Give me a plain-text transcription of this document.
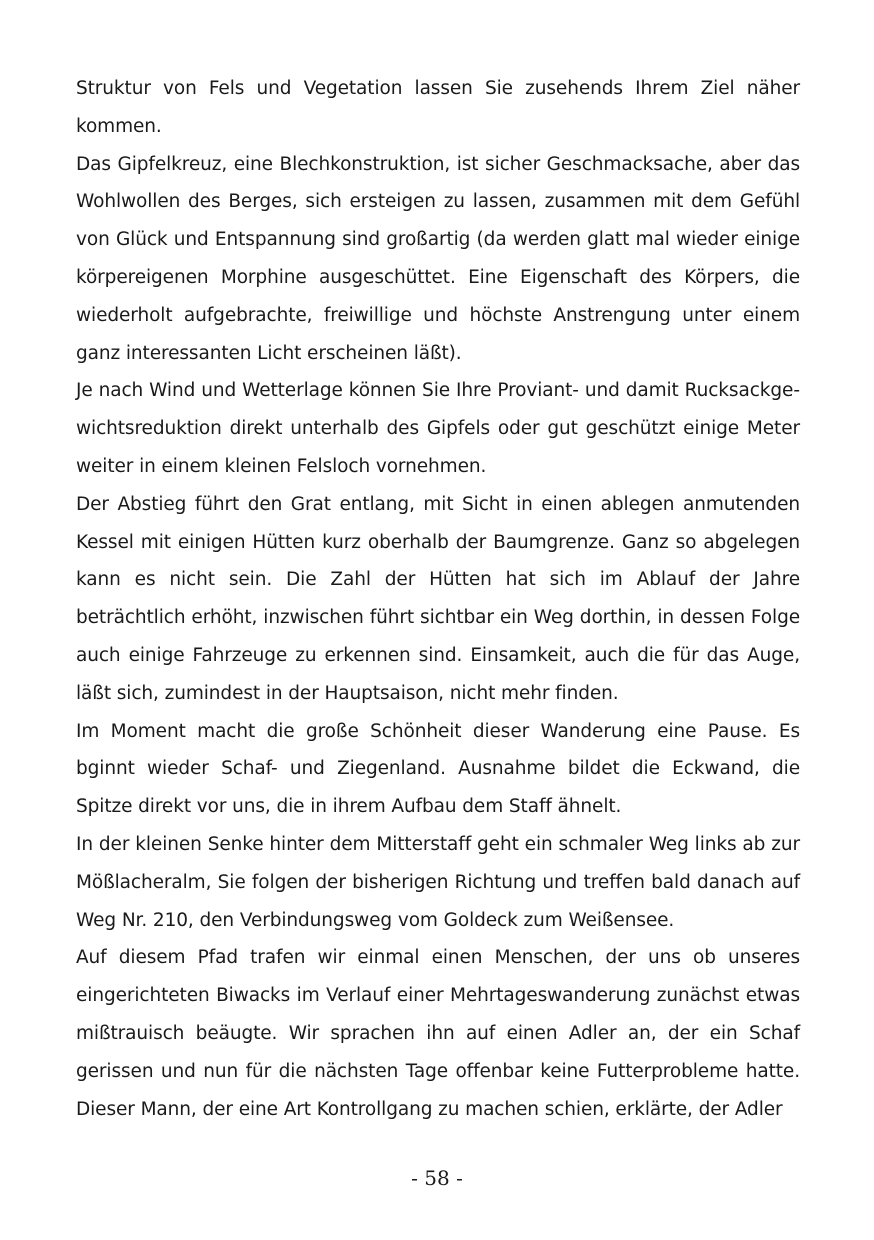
Struktur von Fels und Vegetation lassen Sie zusehends Ihrem Ziel näher kommen.

Das Gipfelkreuz, eine Blechkonstruktion, ist sicher Geschmacksache, aber das Wohlwollen des Berges, sich ersteigen zu lassen, zusammen mit dem Gefühl von Glück und Entspannung sind großartig (da werden glatt mal wieder einige körpereigenen Morphine ausgeschüttet. Eine Eigenschaft des Körpers, die wiederholt aufgebrachte, freiwillige und höchste Anstrengung unter einem ganz interessanten Licht erscheinen läßt).

Je nach Wind und Wetterlage können Sie Ihre Proviant- und damit Rucksackgewichtsreduktion direkt unterhalb des Gipfels oder gut geschützt einige Meter weiter in einem kleinen Felsloch vornehmen.

Der Abstieg führt den Grat entlang, mit Sicht in einen ablegen anmutenden Kessel mit einigen Hütten kurz oberhalb der Baumgrenze. Ganz so abgelegen kann es nicht sein. Die Zahl der Hütten hat sich im Ablauf der Jahre beträchtlich erhöht, inzwischen führt sichtbar ein Weg dorthin, in dessen Folge auch einige Fahrzeuge zu erkennen sind. Einsamkeit, auch die für das Auge, läßt sich, zumindest in der Hauptsaison, nicht mehr finden.

Im Moment macht die große Schönheit dieser Wanderung eine Pause. Es bginnt wieder Schaf- und Ziegenland. Ausnahme bildet die Eckwand, die Spitze direkt vor uns, die in ihrem Aufbau dem Staff ähnelt.

In der kleinen Senke hinter dem Mitterstaff geht ein schmaler Weg links ab zur Mößlacheralm, Sie folgen der bisherigen Richtung und treffen bald danach auf Weg Nr. 210, den Verbindungsweg vom Goldeck zum Weißensee.

Auf diesem Pfad trafen wir einmal einen Menschen, der uns ob unseres eingerichteten Biwacks im Verlauf einer Mehrtageswanderung zunächst etwas mißtrauisch beäugte. Wir sprachen ihn auf einen Adler an, der ein Schaf gerissen und nun für die nächsten Tage offenbar keine Futterprobleme hatte. Dieser Mann, der eine Art Kontrollgang zu machen schien, erklärte, der Adler

- 58 -
